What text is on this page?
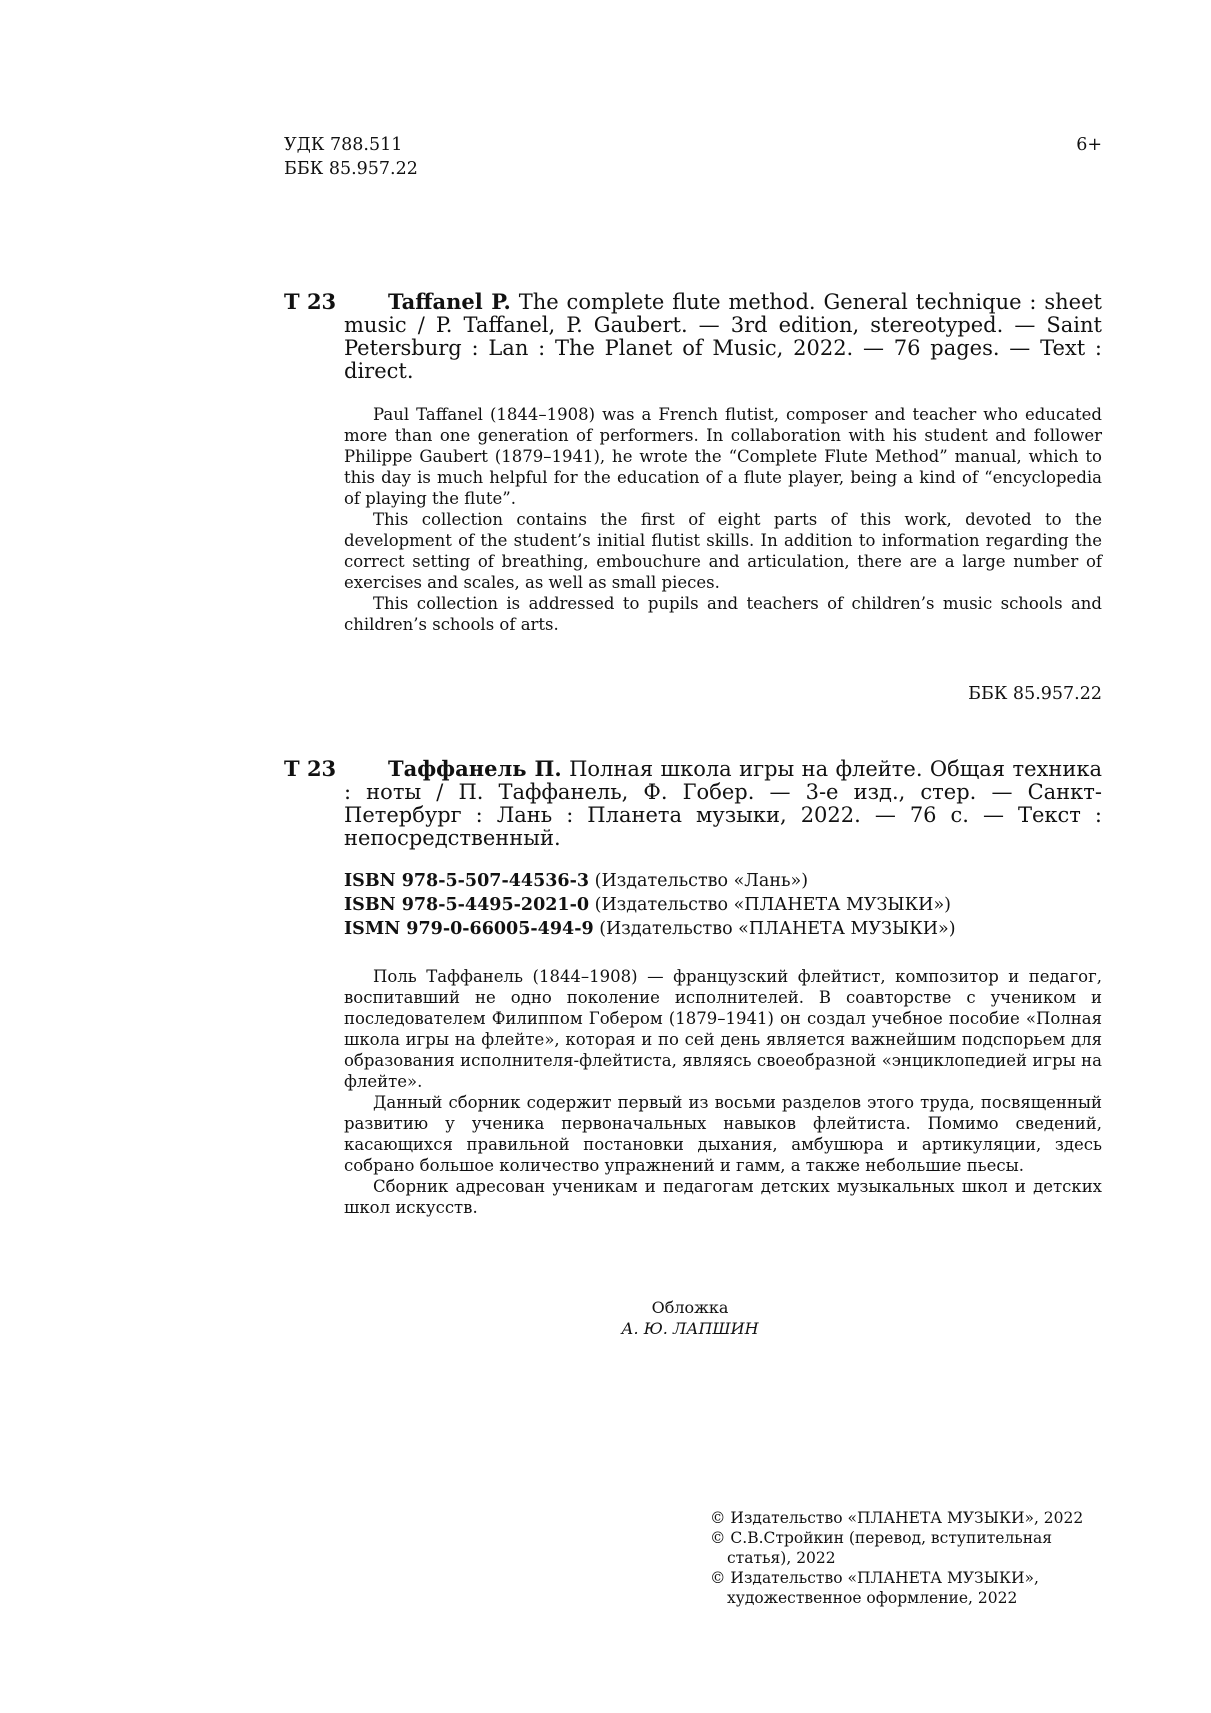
УДК 788.511
ББК 85.957.22
6+
Т 23	Taffanel P. The complete flute method. General technique : sheet music / P. Taffanel, P. Gaubert. — 3rd edition, stereotyped. — Saint Petersburg : Lan : The Planet of Music, 2022. — 76 pages. — Text : direct.

Paul Taffanel (1844–1908) was a French flutist, composer and teacher who educated more than one generation of performers. In collaboration with his student and follower Philippe Gaubert (1879–1941), he wrote the “Complete Flute Method” manual, which to this day is much helpful for the education of a flute player, being a kind of “encyclopedia of playing the flute”.

This collection contains the first of eight parts of this work, devoted to the development of the student’s initial flutist skills. In addition to information regarding the correct setting of breathing, embouchure and articulation, there are a large number of exercises and scales, as well as small pieces.

This collection is addressed to pupils and teachers of children’s music schools and children’s schools of arts.

ББК 85.957.22
Т 23	Таффанель П. Полная школа игры на флейте. Общая техника : ноты / П. Таффанель, Ф. Гобер. — 3-е изд., стер. — Санкт-Петербург : Лань : Планета музыки, 2022. — 76 с. — Текст : непосредственный.
ISBN 978-5-507-44536-3 (Издательство «Лань»)
ISBN 978-5-4495-2021-0 (Издательство «ПЛАНЕТА МУЗЫКИ»)
ISMN 979-0-66005-494-9 (Издательство «ПЛАНЕТА МУЗЫКИ»)

Поль Таффанель (1844–1908) — французский флейтист, композитор и педагог, воспитавший не одно поколение исполнителей. В соавторстве с учеником и последователем Филиппом Гобером (1879–1941) он создал учебное пособие «Полная школа игры на флейте», которая и по сей день является важнейшим подспорьем для образования исполнителя-флейтиста, являясь своеобразной «энциклопедией игры на флейте».

Данный сборник содержит первый из восьми разделов этого труда, посвященный развитию у ученика первоначальных навыков флейтиста. Помимо сведений, касающихся правильной постановки дыхания, амбушюра и артикуляции, здесь собрано большое количество упражнений и гамм, а также небольшие пьесы.

Сборник адресован ученикам и педагогам детских музыкальных школ и детских школ искусств.

Обложка
А. Ю. ЛАПШИН
© Издательство «ПЛАНЕТА МУЗЫКИ», 2022
© С.В.Стройкин (перевод, вступительная статья), 2022
© Издательство «ПЛАНЕТА МУЗЫКИ», художественное оформление, 2022
